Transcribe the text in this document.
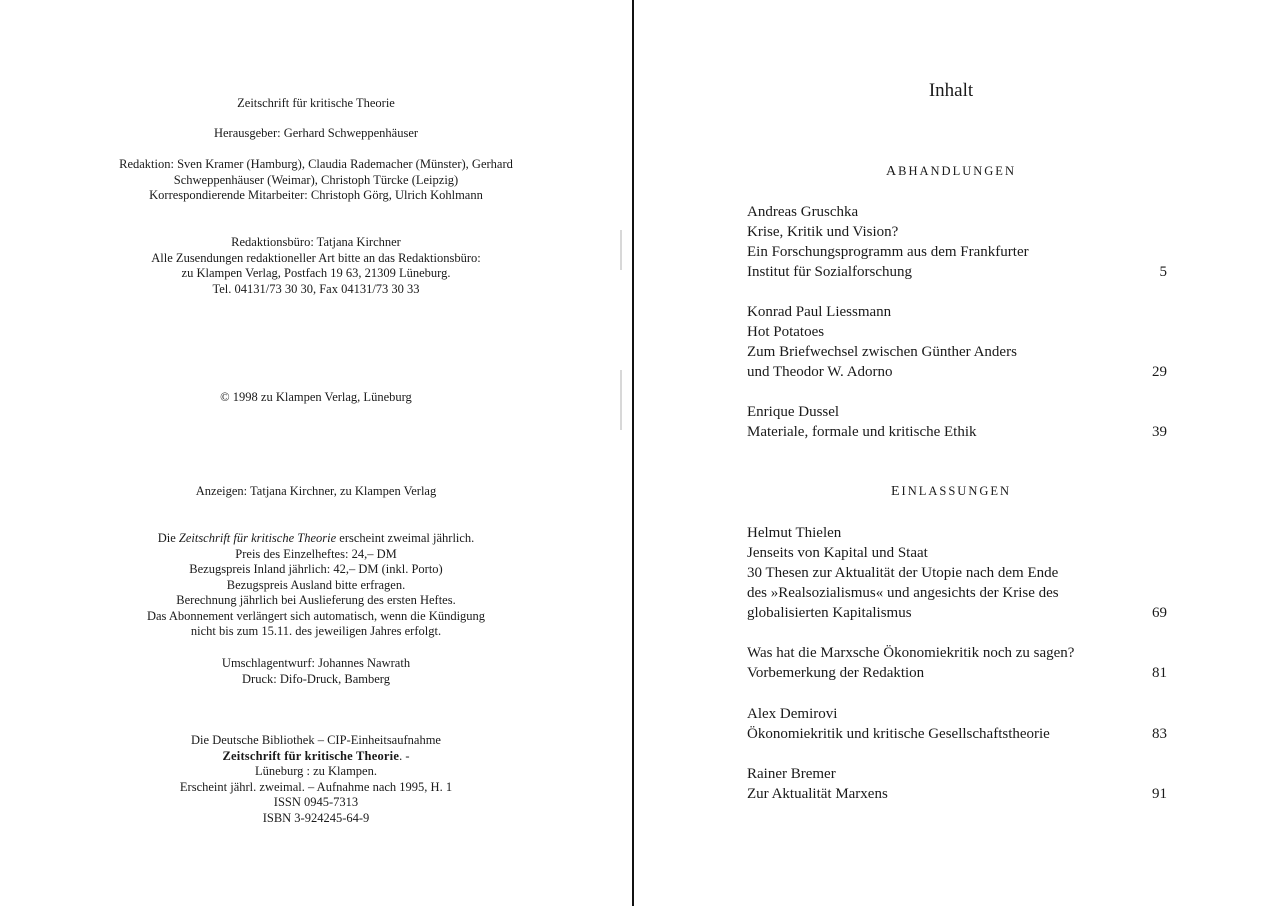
Zeitschrift für kritische Theorie

Herausgeber: Gerhard Schweppenhäuser

Redaktion: Sven Kramer (Hamburg), Claudia Rademacher (Münster), Gerhard
Schweppenhäuser (Weimar), Christoph Türcke (Leipzig)
Korrespondierende Mitarbeiter: Christoph Görg, Ulrich Kohlmann

Redaktionsbüro: Tatjana Kirchner
Alle Zusendungen redaktioneller Art bitte an das Redaktionsbüro:
zu Klampen Verlag, Postfach 19 63, 21309 Lüneburg.
Tel. 04131/73 30 30, Fax 04131/73 30 33

© 1998 zu Klampen Verlag, Lüneburg

Anzeigen: Tatjana Kirchner, zu Klampen Verlag

Die Zeitschrift für kritische Theorie erscheint zweimal jährlich.
Preis des Einzelheftes: 24,– DM
Bezugspreis Inland jährlich: 42,– DM (inkl. Porto)
Bezugspreis Ausland bitte erfragen.
Berechnung jährlich bei Auslieferung des ersten Heftes.
Das Abonnement verlängert sich automatisch, wenn die Kündigung
nicht bis zum 15.11. des jeweiligen Jahres erfolgt.

Umschlagentwurf: Johannes Nawrath
Druck: Difo-Druck, Bamberg

Die Deutsche Bibliothek – CIP-Einheitsaufnahme
Zeitschrift für kritische Theorie. -
Lüneburg : zu Klampen.
Erscheint jährl. zweimal. – Aufnahme nach 1995, H. 1
ISSN 0945-7313
ISBN 3-924245-64-9

Inhalt
ABHANDLUNGEN
Andreas Gruschka
Krise, Kritik und Vision?
Ein Forschungsprogramm aus dem Frankfurter
Institut für Sozialforschung	5
Konrad Paul Liessmann
Hot Potatoes
Zum Briefwechsel zwischen Günther Anders
und Theodor W. Adorno	29
Enrique Dussel
Materiale, formale und kritische Ethik	39
EINLASSUNGEN
Helmut Thielen
Jenseits von Kapital und Staat
30 Thesen zur Aktualität der Utopie nach dem Ende
des »Realsozialismus« und angesichts der Krise des
globalisierten Kapitalismus	69
Was hat die Marxsche Ökonomiekritik noch zu sagen?
Vorbemerkung der Redaktion	81
Alex Demirovi
Ökonomiekritik und kritische Gesellschaftstheorie	83
Rainer Bremer
Zur Aktualität Marxens	91
